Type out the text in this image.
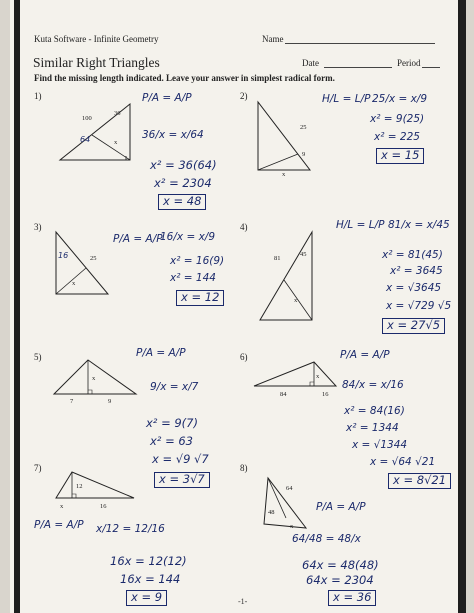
Kuta Software - Infinite Geometry	Name
Similar Right Triangles	Date	Period
Find the missing length indicated. Leave your answer in simplest radical form.
1)
100
36
64	x
P/A = A/P
36/x = x/64
x² = 36(64)
x² = 2304
x = 48
2)
25
9
x
H/L = L/P 25/x = x/9
x² = 9(25)
x² = 225
x = 15
3)
16	25
x
P/A = A/P
16/x = x/9
x² = 16(9)
x² = 144
x = 12
4)
81
45
x
H/L = L/P 81/x = x/45
x² = 81(45)
x² = 3645
x = √3645
x = √729 √5
x = 27√5
5)
x
7	9
P/A = A/P
9/x = x/7
x² = 9(7)
x² = 63
x = √9 √7
x = 3√7
6)
x
84	16
P/A = A/P
84/x = x/16
x² = 84(16)
x² = 1344
x = √1344
x = √64 √21
x = 8√21
7)
12
x	16
P/A = A/P x/12 = 12/16
16x = 12(12)
16x = 144
x = 9
8)
64
48
x
P/A = A/P
64/48 = 48/x
64x = 48(48)
64x = 2304
x = 36
-1-
